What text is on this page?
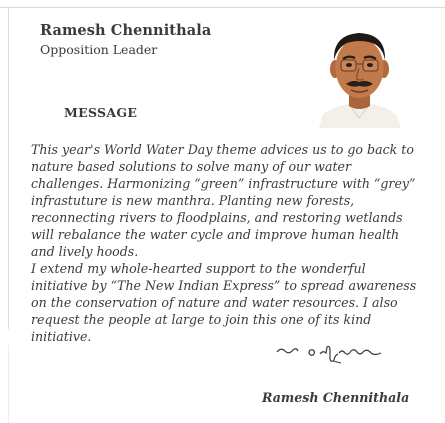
Ramesh Chennithala
Opposition Leader
MESSAGE

This year's World Water Day theme advices us to go back to nature based solutions to solve many of our water challenges. Harmonizing “green” infrastructure with “grey” infrastuture is new manthra. Planting new forests, reconnecting rivers to floodplains, and restoring wetlands will rebalance the water cycle and improve human health and lively hoods.

I extend my whole-hearted support to the wonderful initiative by “The New Indian Express” to spread awareness on the conservation of nature and water resources. I also request the people at large to join this one of its kind initiative.

Ramesh Chennithala
